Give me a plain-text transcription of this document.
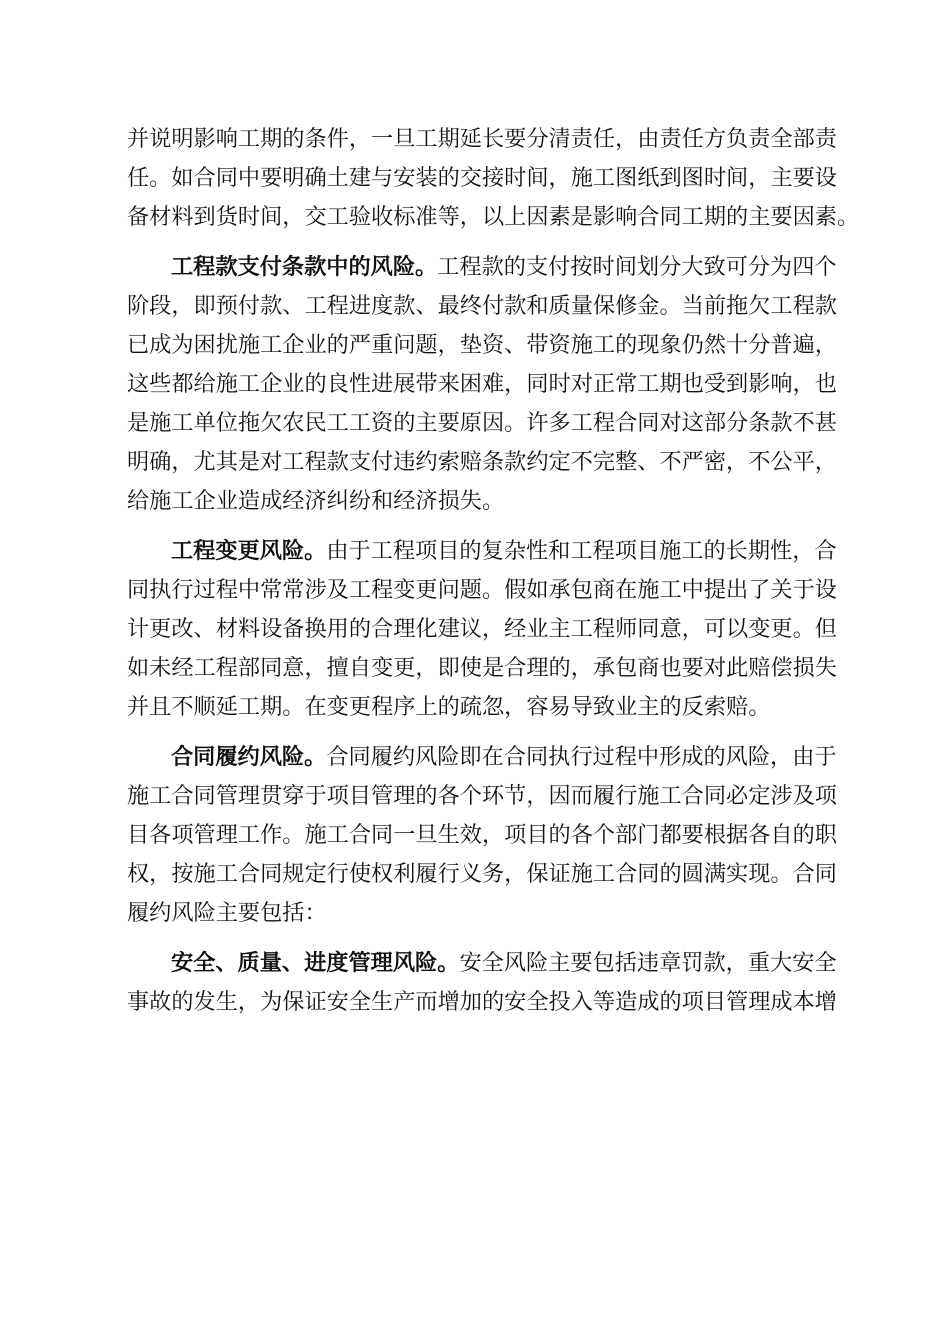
并说明影响工期的条件，一旦工期延长要分清责任，由责任方负责全部责
任。如合同中要明确土建与安装的交接时间，施工图纸到图时间，主要设
备材料到货时间，交工验收标准等，以上因素是影响合同工期的主要因素。
工程款支付条款中的风险。工程款的支付按时间划分大致可分为四个
阶段，即预付款、工程进度款、最终付款和质量保修金。当前拖欠工程款
已成为困扰施工企业的严重问题，垫资、带资施工的现象仍然十分普遍，
这些都给施工企业的良性进展带来困难，同时对正常工期也受到影响，也
是施工单位拖欠农民工工资的主要原因。许多工程合同对这部分条款不甚
明确，尤其是对工程款支付违约索赔条款约定不完整、不严密，不公平，
给施工企业造成经济纠纷和经济损失。
工程变更风险。由于工程项目的复杂性和工程项目施工的长期性，合
同执行过程中常常涉及工程变更问题。假如承包商在施工中提出了关于设
计更改、材料设备换用的合理化建议，经业主工程师同意，可以变更。但
如未经工程部同意，擅自变更，即使是合理的，承包商也要对此赔偿损失
并且不顺延工期。在变更程序上的疏忽，容易导致业主的反索赔。
合同履约风险。合同履约风险即在合同执行过程中形成的风险，由于
施工合同管理贯穿于项目管理的各个环节，因而履行施工合同必定涉及项
目各项管理工作。施工合同一旦生效，项目的各个部门都要根据各自的职
权，按施工合同规定行使权利履行义务，保证施工合同的圆满实现。合同
履约风险主要包括：
安全、质量、进度管理风险。安全风险主要包括违章罚款，重大安全
事故的发生，为保证安全生产而增加的安全投入等造成的项目管理成本增
